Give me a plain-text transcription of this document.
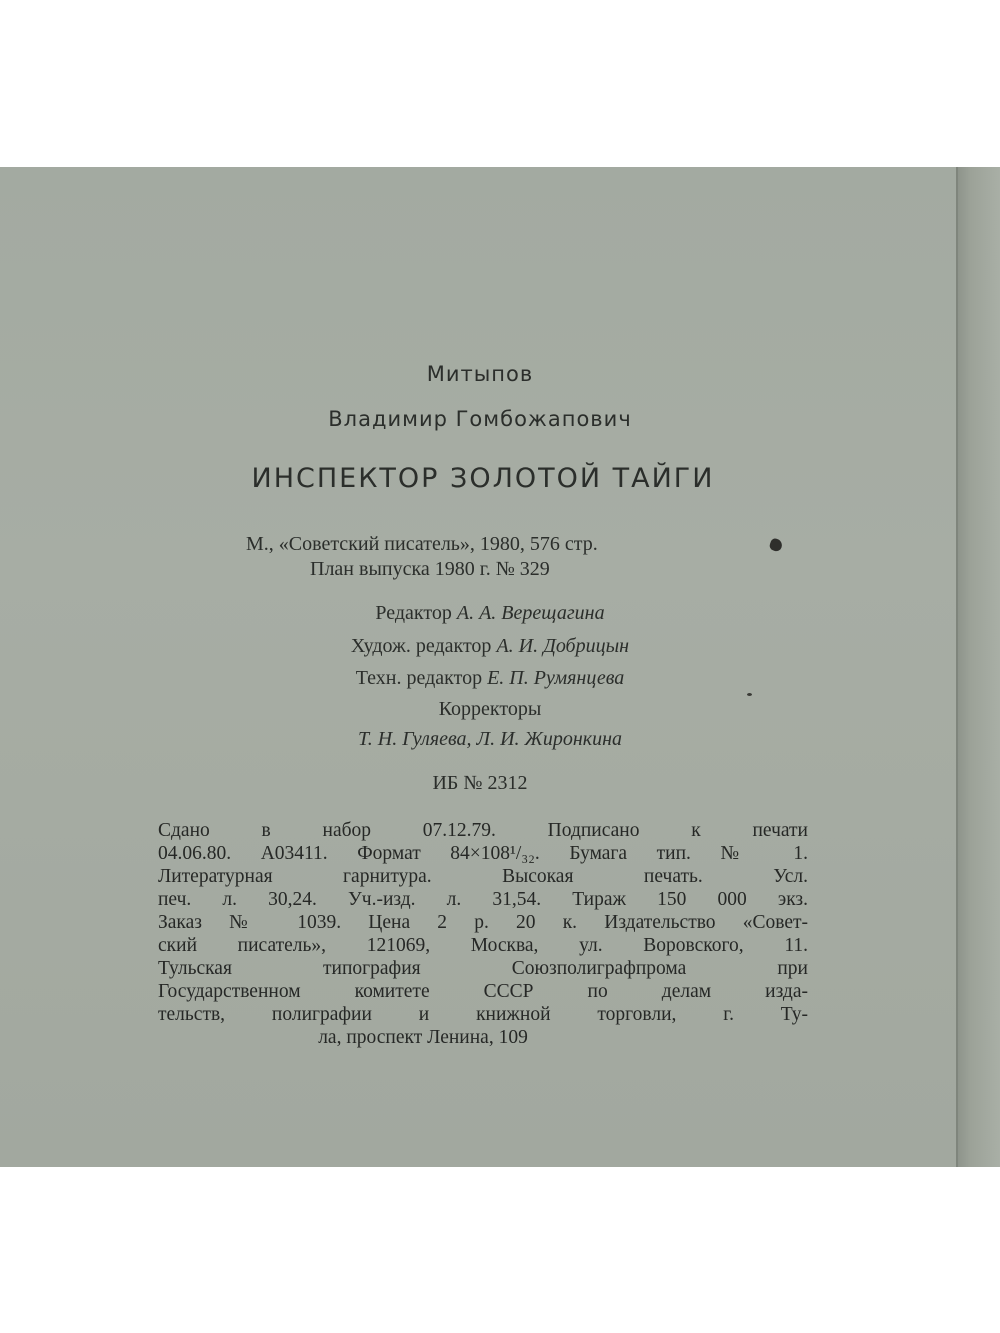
Митыпов
Владимир Гомбожапович
ИНСПЕКТОР ЗОЛОТОЙ ТАЙГИ
М., «Советский писатель», 1980, 576 стр.
План выпуска 1980 г. № 329
Редактор А. А. Верещагина
Худож. редактор А. И. Добрицын
Техн. редактор Е. П. Румянцева
Корректоры
Т. Н. Гуляева, Л. И. Жиронкина
ИБ № 2312
Сдано в набор 07.12.79. Подписано к печати
04.06.80. А03411. Формат 84×108¹/₃₂. Бумага тип. № 1.
Литературная гарнитура. Высокая печать. Усл.
печ. л. 30,24. Уч.-изд. л. 31,54. Тираж 150 000 экз.
Заказ № 1039. Цена 2 р. 20 к. Издательство «Совет-
ский писатель», 121069, Москва, ул. Воровского, 11.
Тульская типография Союзполиграфпрома при
Государственном комитете СССР по делам изда-
тельств, полиграфии и книжной торговли, г. Ту-
ла, проспект Ленина, 109
